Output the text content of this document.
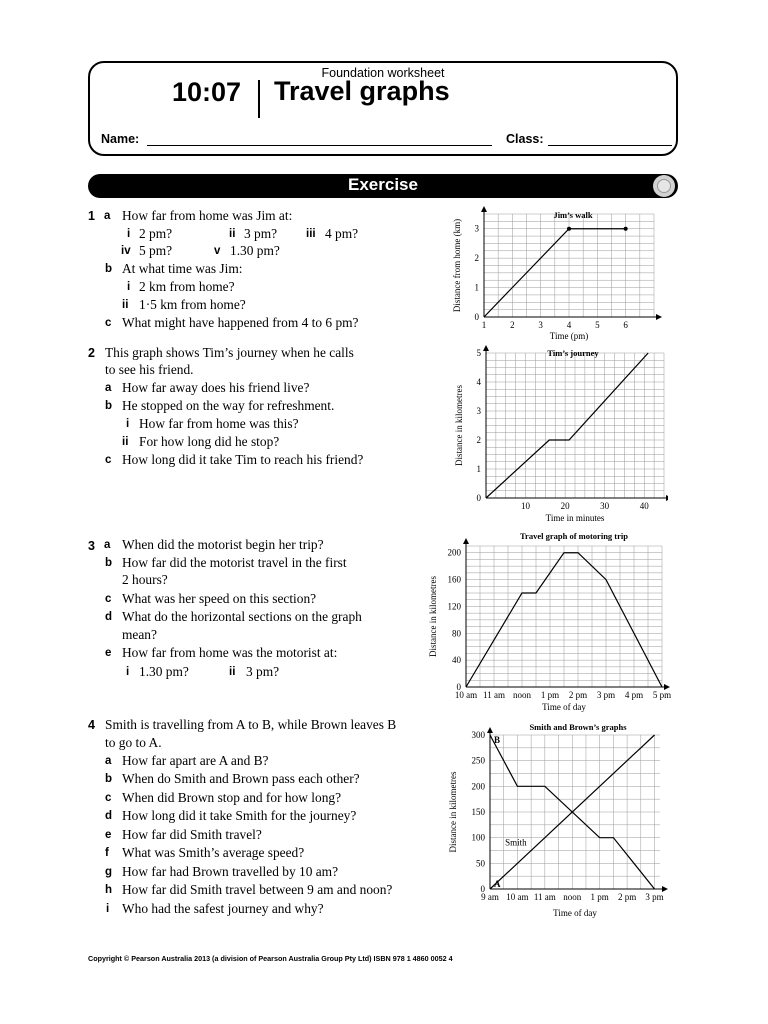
Foundation worksheet
10:07 Travel graphs
Name:	Class:
Exercise
1 a How far from home was Jim at:
i 2 pm?	ii 3 pm?	iii 4 pm?
iv 5 pm?	v 1.30 pm?
b At what time was Jim:
i 2 km from home?
ii 1·5 km from home?
c What might have happened from 4 to 6 pm?
2 This graph shows Tim’s journey when he calls
to see his friend.
a How far away does his friend live?
b He stopped on the way for refreshment.
i How far from home was this?
ii For how long did he stop?
c How long did it take Tim to reach his friend?
3 a When did the motorist begin her trip?
b How far did the motorist travel in the first
2 hours?
c What was her speed on this section?
d What do the horizontal sections on the graph
mean?
e How far from home was the motorist at:
i 1.30 pm?	ii 3 pm?
4 Smith is travelling from A to B, while Brown leaves B
to go to A.
a How far apart are A and B?
b When do Smith and Brown pass each other?
c When did Brown stop and for how long?
d How long did it take Smith for the journey?
e How far did Smith travel?
f What was Smith’s average speed?
g How far had Brown travelled by 10 am?
h How far did Smith travel between 9 am and noon?
i Who had the safest journey and why?
1	2	3	4	5	6
0
1
2
3
Jim’s walk
Time (pm)
Distance from home (km)
10	20	30	40
0
1
2
3
4
5	Tim’s journey
Time in minutes
Distance in kilometres
10 am 11 am noon 1 pm 2 pm 3 pm 4 pm 5 pm
0
40
80
120
160
200
Travel graph of motoring trip
Time of day
Distance in kilometres
9 am 10 am 11 am noon 1 pm 2 pm 3 pm
0
50
100
150
200
250
300
Smith and Brown’s graphs
Time of day
Distance in kilometres
A
B
Smith
Copyright © Pearson Australia 2013 (a division of Pearson Australia Group Pty Ltd) ISBN 978 1 4860 0052 4
